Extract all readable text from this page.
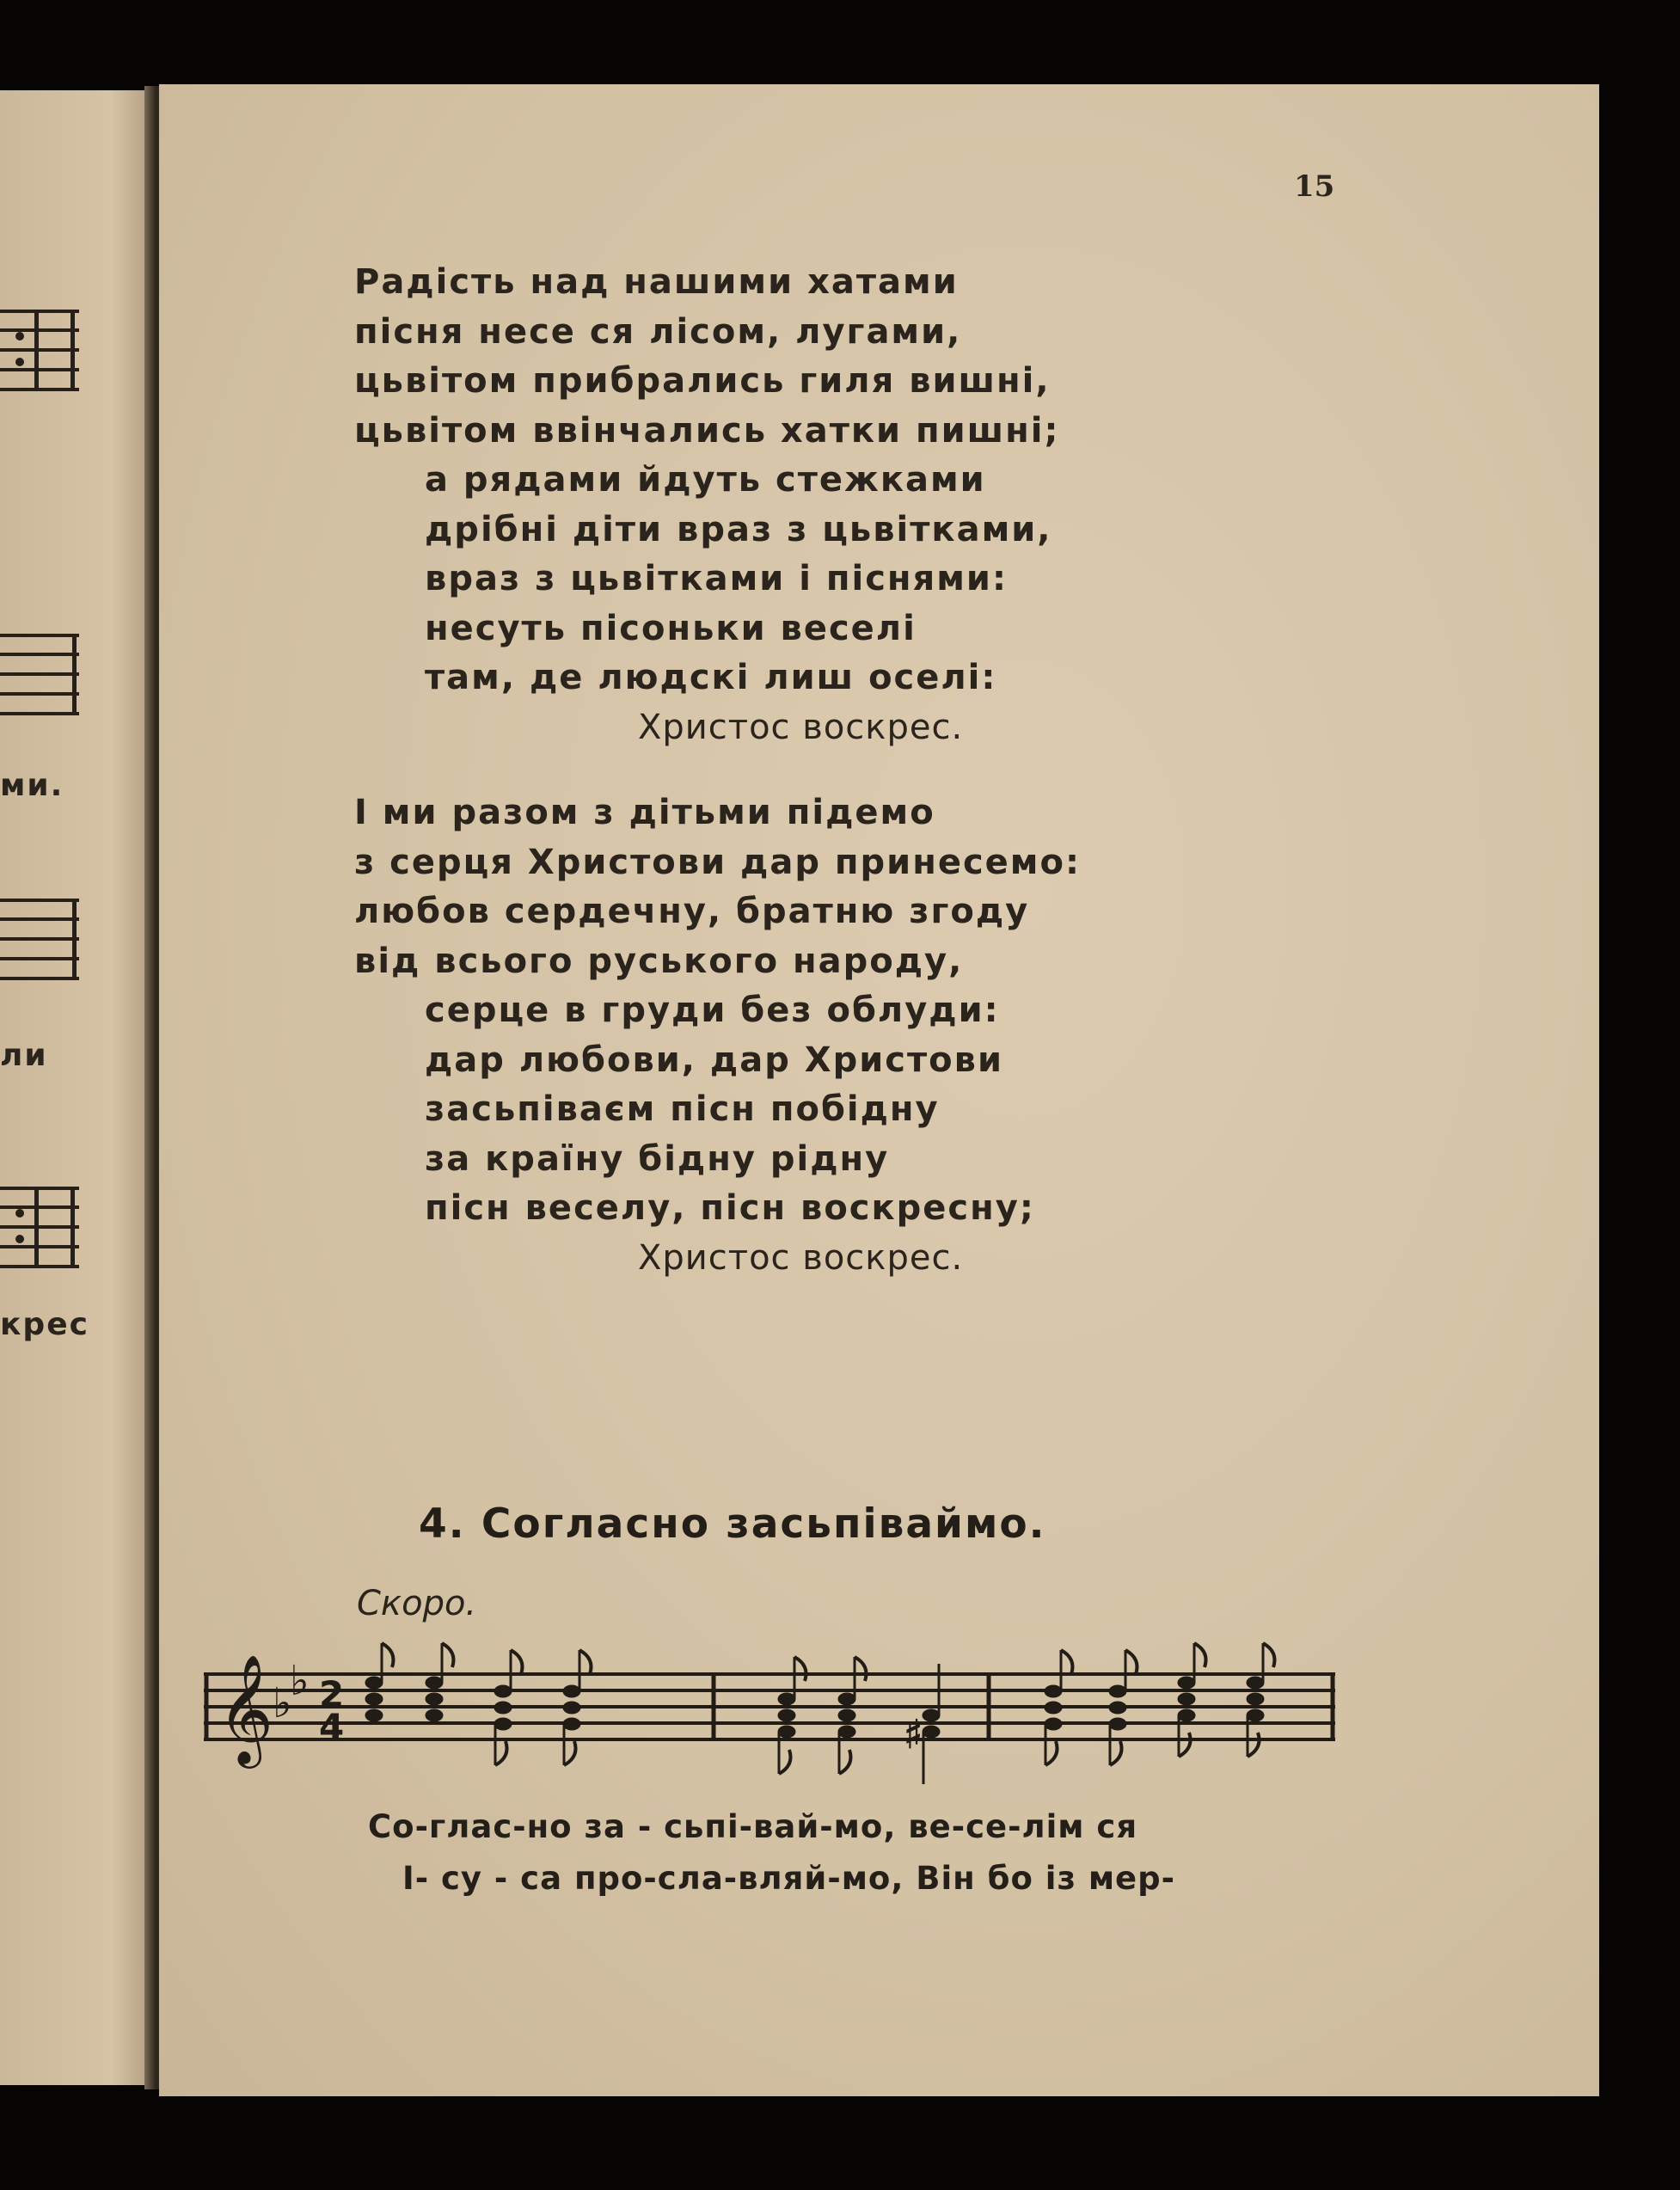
ми.
ли
крес
15
Радість над нашими хатами
пісня несе ся лісом, лугами,
цьвітом прибрались гиля вишні,
цьвітом ввінчались хатки пишні;
а рядами йдуть стежками
дрібні діти враз з цьвітками,
враз з цьвітками і піснями:
несуть пісоньки веселі
там, де людскі лиш оселі:
Христос воскрес.
І ми разом з дітьми підемо
з серця Христови дар принесемо:
любов сердечну, братню згоду
від всього руського народу,
серце в груди без облуди:
дар любови, дар Христови
засьпіваєм пісн побідну
за країну бідну рідну
пісн веселу, пісн воскресну;
Христос воскрес.
4. Согласно засьпіваймо.
Скоро.
𝄞
♭
♭ 2
4	♯
Со-глас-но за - сьпі-вай-мо, ве-се-лім ся
І- су - са про-сла-вляй-мо, Він бо із мер-
